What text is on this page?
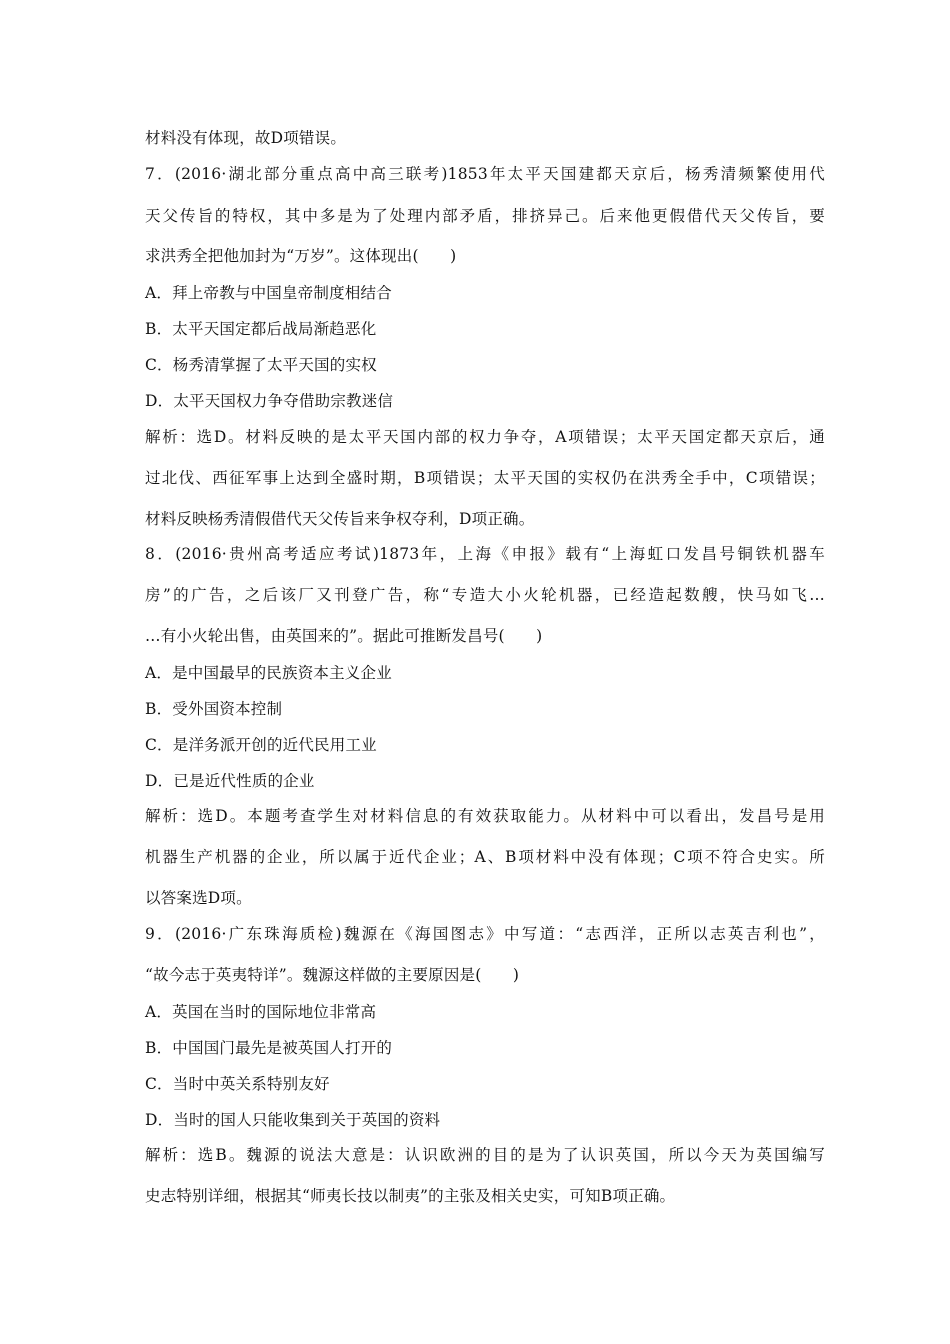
材料没有体现，故D项错误。
7．(2016·湖北部分重点高中高三联考)1853年太平天国建都天京后，杨秀清频繁使用代
天父传旨的特权，其中多是为了处理内部矛盾，排挤异己。后来他更假借代天父传旨，要
求洪秀全把他加封为“万岁”。这体现出(　　)
A．拜上帝教与中国皇帝制度相结合
B．太平天国定都后战局渐趋恶化
C．杨秀清掌握了太平天国的实权
D．太平天国权力争夺借助宗教迷信
解析：选D。材料反映的是太平天国内部的权力争夺，A项错误；太平天国定都天京后，通
过北伐、西征军事上达到全盛时期，B项错误；太平天国的实权仍在洪秀全手中，C项错误；
材料反映杨秀清假借代天父传旨来争权夺利，D项正确。
8．(2016·贵州高考适应考试)1873年，上海《申报》载有“上海虹口发昌号铜铁机器车
房”的广告，之后该厂又刊登广告，称“专造大小火轮机器，已经造起数艘，快马如飞…
…有小火轮出售，由英国来的”。据此可推断发昌号(　　)
A．是中国最早的民族资本主义企业
B．受外国资本控制
C．是洋务派开创的近代民用工业
D．已是近代性质的企业
解析：选D。本题考查学生对材料信息的有效获取能力。从材料中可以看出，发昌号是用
机器生产机器的企业，所以属于近代企业；A、B项材料中没有体现；C项不符合史实。所
以答案选D项。
9．(2016·广东珠海质检)魏源在《海国图志》中写道：“志西洋，正所以志英吉利也”，
“故今志于英夷特详”。魏源这样做的主要原因是(　　)
A．英国在当时的国际地位非常高
B．中国国门最先是被英国人打开的
C．当时中英关系特别友好
D．当时的国人只能收集到关于英国的资料
解析：选B。魏源的说法大意是：认识欧洲的目的是为了认识英国，所以今天为英国编写
史志特别详细，根据其“师夷长技以制夷”的主张及相关史实，可知B项正确。
